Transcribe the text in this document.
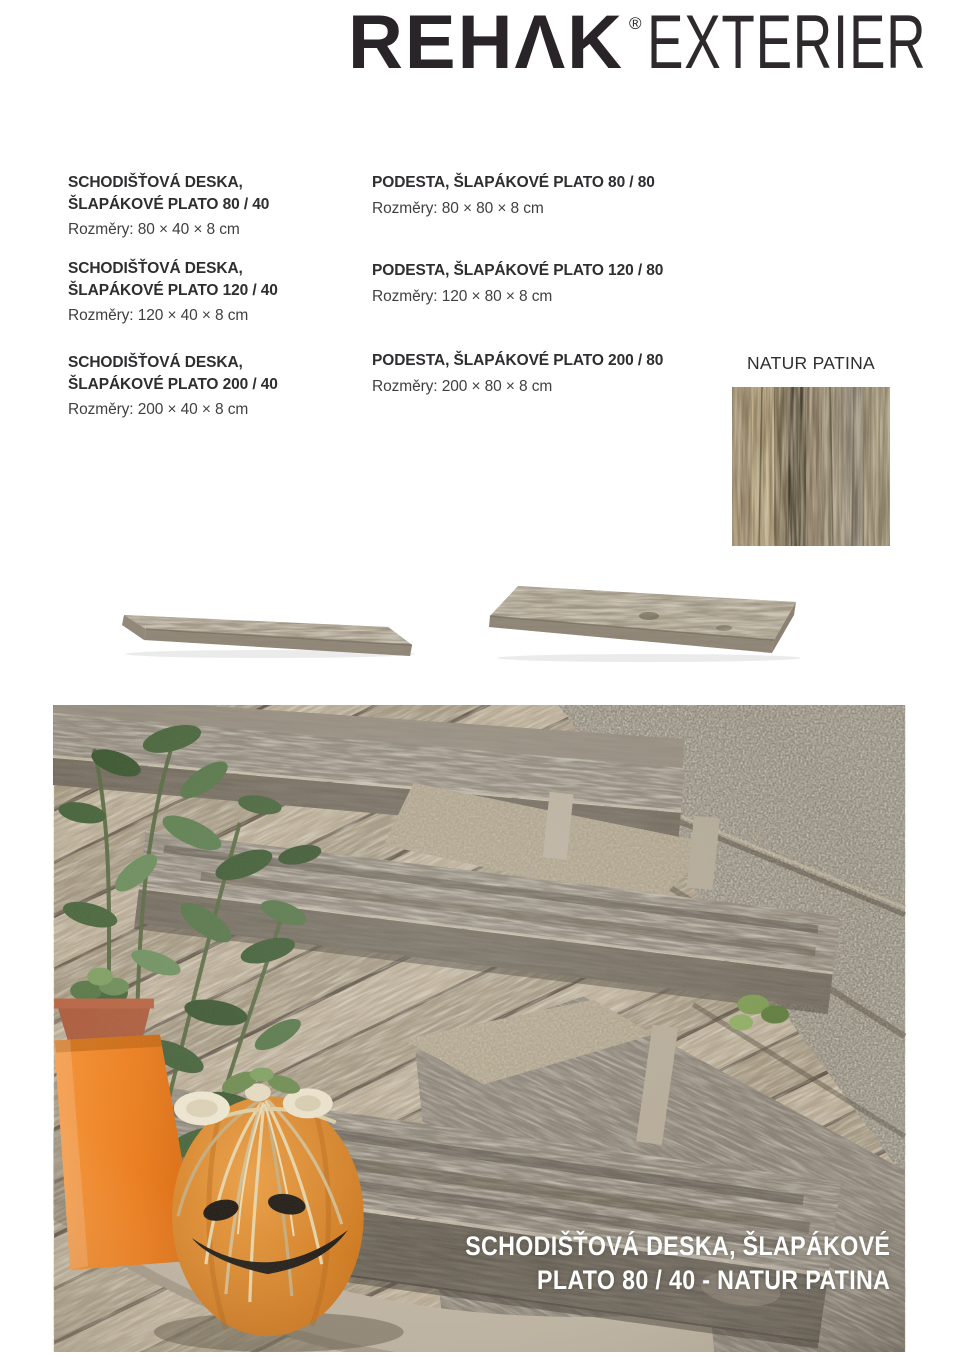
REHΛK ® EXTERIER
SCHODIŠŤOVÁ DESKA,
ŠLAPÁKOVÉ PLATO 80 / 40
Rozměry: 80 × 40 × 8 cm
SCHODIŠŤOVÁ DESKA,
ŠLAPÁKOVÉ PLATO 120 / 40
Rozměry: 120 × 40 × 8 cm
SCHODIŠŤOVÁ DESKA,
ŠLAPÁKOVÉ PLATO 200 / 40
Rozměry: 200 × 40 × 8 cm
PODESTA, ŠLAPÁKOVÉ PLATO 80 / 80
Rozměry: 80 × 80 × 8 cm
PODESTA, ŠLAPÁKOVÉ PLATO 120 / 80
Rozměry: 120 × 80 × 8 cm
PODESTA, ŠLAPÁKOVÉ PLATO 200 / 80
Rozměry: 200 × 80 × 8 cm
NATUR PATINA
SCHODIŠŤOVÁ DESKA, ŠLAPÁKOVÉ
PLATO 80 / 40 - NATUR PATINA
